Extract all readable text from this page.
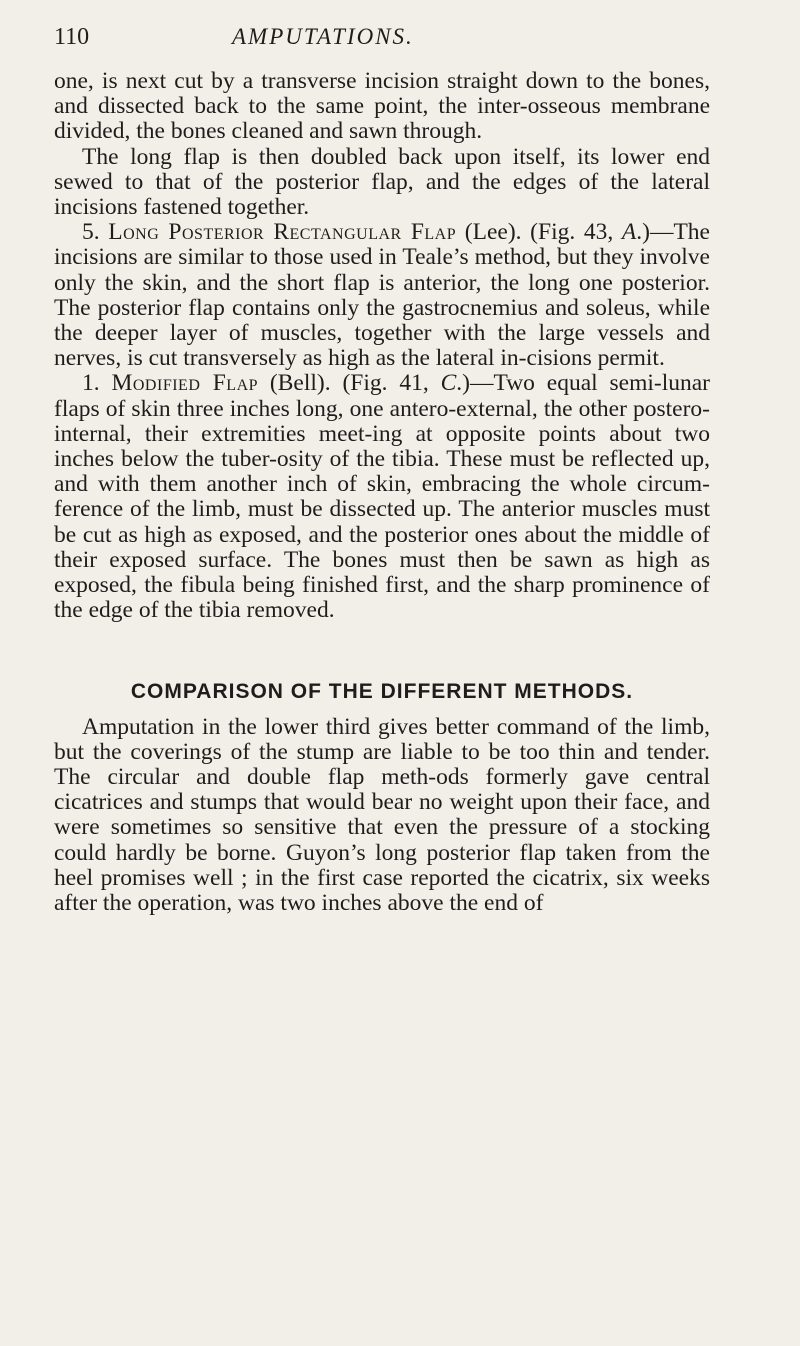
110	AMPUTATIONS.

one, is next cut by a transverse incision straight down to the bones, and dissected back to the same point, the inter-osseous membrane divided, the bones cleaned and sawn through.

The long flap is then doubled back upon itself, its lower end sewed to that of the posterior flap, and the edges of the lateral incisions fastened together.

5. Long Posterior Rectangular Flap (Lee). (Fig. 43, A.)—The incisions are similar to those used in Teale’s method, but they involve only the skin, and the short flap is anterior, the long one posterior. The posterior flap contains only the gastrocnemius and soleus, while the deeper layer of muscles, together with the large vessels and nerves, is cut transversely as high as the lateral in-cisions permit.

1. Modified Flap (Bell). (Fig. 41, C.)—Two equal semi-lunar flaps of skin three inches long, one antero-external, the other postero-internal, their extremities meet-ing at opposite points about two inches below the tuber-osity of the tibia. These must be reflected up, and with them another inch of skin, embracing the whole circum-ference of the limb, must be dissected up. The anterior muscles must be cut as high as exposed, and the posterior ones about the middle of their exposed surface. The bones must then be sawn as high as exposed, the fibula being finished first, and the sharp prominence of the edge of the tibia removed.

COMPARISON OF THE DIFFERENT METHODS.

Amputation in the lower third gives better command of the limb, but the coverings of the stump are liable to be too thin and tender. The circular and double flap meth-ods formerly gave central cicatrices and stumps that would bear no weight upon their face, and were sometimes so sensitive that even the pressure of a stocking could hardly be borne. Guyon’s long posterior flap taken from the heel promises well ; in the first case reported the cicatrix, six weeks after the operation, was two inches above the end of
